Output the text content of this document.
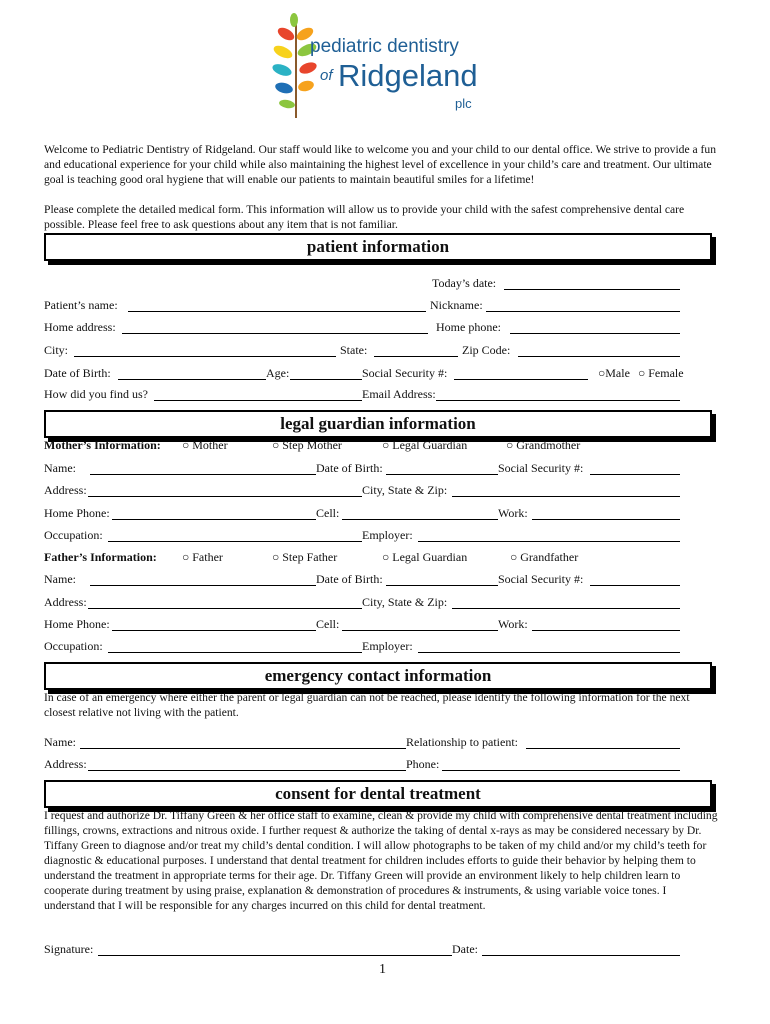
pediatric dentistry
of Ridgeland
plc

Welcome to Pediatric Dentistry of Ridgeland. Our staff would like to welcome you and your child to our dental office. We strive to provide a fun and educational experience for your child while also maintaining the highest level of excellence in your child’s care and treatment. Our ultimate goal is teaching good oral hygiene that will enable our patients to maintain beautiful smiles for a lifetime!

Please complete the detailed medical form. This information will allow us to provide your child with the safest comprehensive dental care possible. Please feel free to ask questions about any item that is not familiar.

patient information
Today’s date:
Patient’s name:	Nickname:
Home address:	Home phone:
City:	State:	Zip Code:
Date of Birth:	Age:	Social Security #:	○Male ○ Female
How did you find us?	Email Address:
legal guardian information
Mother’s Information: ○ Mother	○ Step Mother	○ Legal Guardian	○ Grandmother
Name:	Date of Birth:	Social Security #:
Address:	City, State & Zip:
Home Phone:	Cell:	Work:
Occupation:	Employer:
Father’s Information: ○ Father	○ Step Father	○ Legal Guardian	○ Grandfather
Name:	Date of Birth:	Social Security #:
Address:	City, State & Zip:
Home Phone:	Cell:	Work:
Occupation:	Employer:
emergency contact information

In case of an emergency where either the parent or legal guardian can not be reached, please identify the following information for the next closest relative not living with the patient.

Name:	Relationship to patient:
Address:	Phone:
consent for dental treatment

I request and authorize Dr. Tiffany Green & her office staff to examine, clean & provide my child with comprehensive dental treatment including fillings, crowns, extractions and nitrous oxide. I further request & authorize the taking of dental x-rays as may be considered necessary by Dr. Tiffany Green to diagnose and/or treat my child’s dental condition. I will allow photographs to be taken of my child and/or my child’s teeth for diagnostic & educational purposes. I understand that dental treatment for children includes efforts to guide their behavior by helping them to understand the treatment in appropriate terms for their age. Dr. Tiffany Green will provide an environment likely to help children learn to cooperate during treatment by using praise, explanation & demonstration of procedures & instruments, & using variable voice tones. I understand that I will be responsible for any charges incurred on this child for dental treatment.

Signature:	Date:
1
